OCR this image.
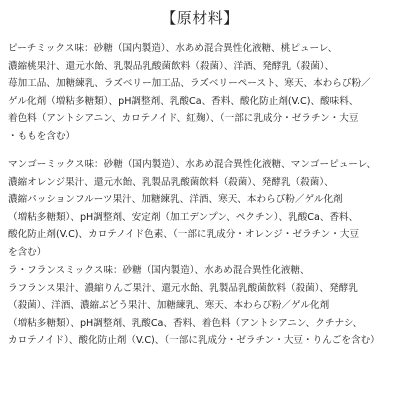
【原材料】
ピーチミックス味：砂糖（国内製造）、水あめ混合異性化液糖、桃ピューレ、
濃縮桃果汁、還元水飴、乳製品乳酸菌飲料（殺菌）、洋酒、発酵乳（殺菌）、
苺加工品、加糖練乳、ラズベリー加工品、ラズベリーペースト、寒天、本わらび粉／
ゲル化剤（増粘多糖類）、pH調整剤、乳酸Ca、香料、酸化防止剤(V.C)、酸味料、
着色料（アントシアニン、カロテノイド、紅麹）、（一部に乳成分・ゼラチン・大豆
・ももを含む）
マンゴーミックス味：砂糖（国内製造）、水あめ混合異性化液糖、マンゴーピューレ、
濃縮オレンジ果汁、還元水飴、乳製品乳酸菌飲料（殺菌）、発酵乳（殺菌）、
濃縮パッションフルーツ果汁、加糖練乳、洋酒、寒天、本わらび粉／ゲル化剤
（増粘多糖類）、pH調整剤、安定剤（加工デンプン、ペクチン）、乳酸Ca、香料、
酸化防止剤(V.C)、カロテノイド色素、（一部に乳成分・オレンジ・ゼラチン・大豆
を含む）
ラ・フランスミックス味：砂糖（国内製造）、水あめ混合異性化液糖、
ラフランス果汁、濃縮りんご果汁、還元水飴、乳製品乳酸菌飲料（殺菌）、発酵乳
（殺菌）、洋酒、濃縮ぶどう果汁、加糖練乳、寒天、本わらび粉／ゲル化剤
（増粘多糖類）、pH調整剤、乳酸Ca、香料、着色料（アントシアニン、クチナシ、
カロテノイド）、酸化防止剤（V.C)、（一部に乳成分・ゼラチン・大豆・りんごを含む）
